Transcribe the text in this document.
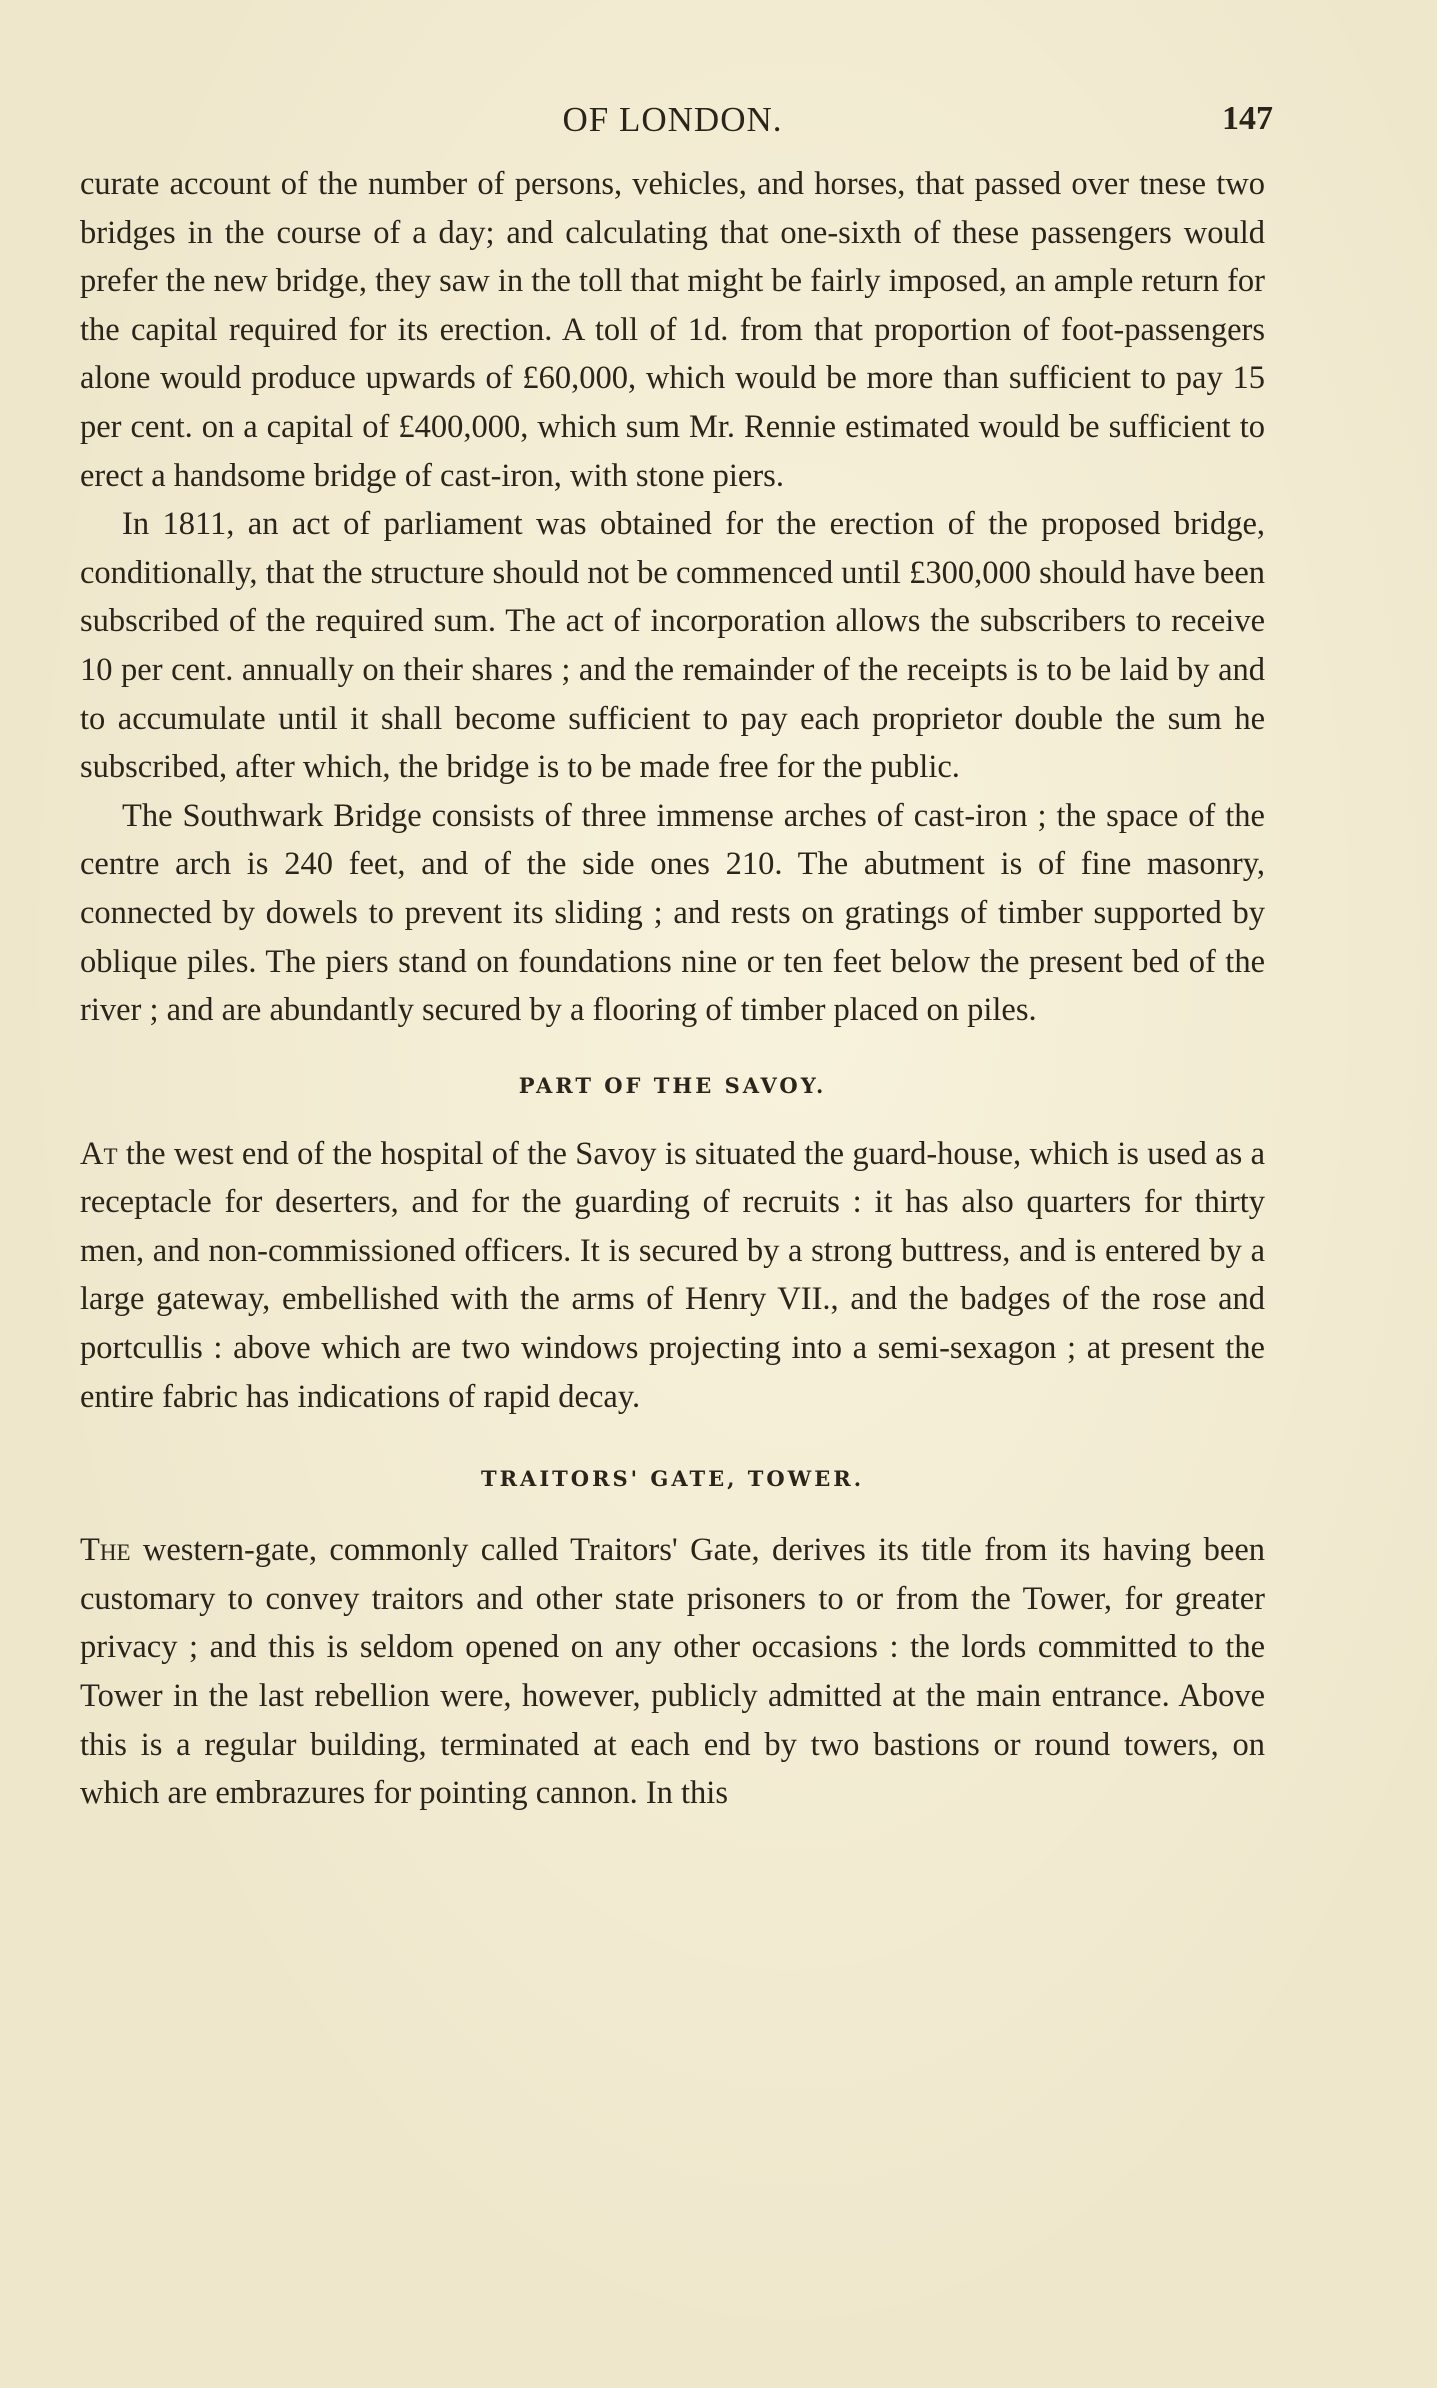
OF LONDON.	147

curate account of the number of persons, vehicles, and horses, that passed over tnese two bridges in the course of a day; and calculating that one-sixth of these passengers would prefer the new bridge, they saw in the toll that might be fairly imposed, an ample return for the capital required for its erection. A toll of 1d. from that proportion of foot-passengers alone would produce upwards of £60,000, which would be more than sufficient to pay 15 per cent. on a capital of £400,000, which sum Mr. Rennie estimated would be sufficient to erect a handsome bridge of cast-iron, with stone piers.

In 1811, an act of parliament was obtained for the erection of the proposed bridge, conditionally, that the structure should not be commenced until £300,000 should have been subscribed of the required sum. The act of incorporation allows the subscribers to receive 10 per cent. annually on their shares ; and the remainder of the receipts is to be laid by and to accumulate until it shall become sufficient to pay each proprietor double the sum he subscribed, after which, the bridge is to be made free for the public.

The Southwark Bridge consists of three immense arches of cast-iron ; the space of the centre arch is 240 feet, and of the side ones 210. The abutment is of fine masonry, connected by dowels to prevent its sliding ; and rests on gratings of timber supported by oblique piles. The piers stand on foundations nine or ten feet below the present bed of the river ; and are abundantly secured by a flooring of timber placed on piles.

PART OF THE SAVOY.

At the west end of the hospital of the Savoy is situated the guard-house, which is used as a receptacle for deserters, and for the guarding of recruits : it has also quarters for thirty men, and non-commissioned officers. It is secured by a strong buttress, and is entered by a large gateway, embellished with the arms of Henry VII., and the badges of the rose and portcullis : above which are two windows projecting into a semi-sexagon ; at present the entire fabric has indications of rapid decay.

TRAITORS' GATE, TOWER.

The western-gate, commonly called Traitors' Gate, derives its title from its having been customary to convey traitors and other state prisoners to or from the Tower, for greater privacy ; and this is seldom opened on any other occasions : the lords committed to the Tower in the last rebellion were, however, publicly admitted at the main entrance. Above this is a regular building, terminated at each end by two bastions or round towers, on which are embrazures for pointing cannon. In this
